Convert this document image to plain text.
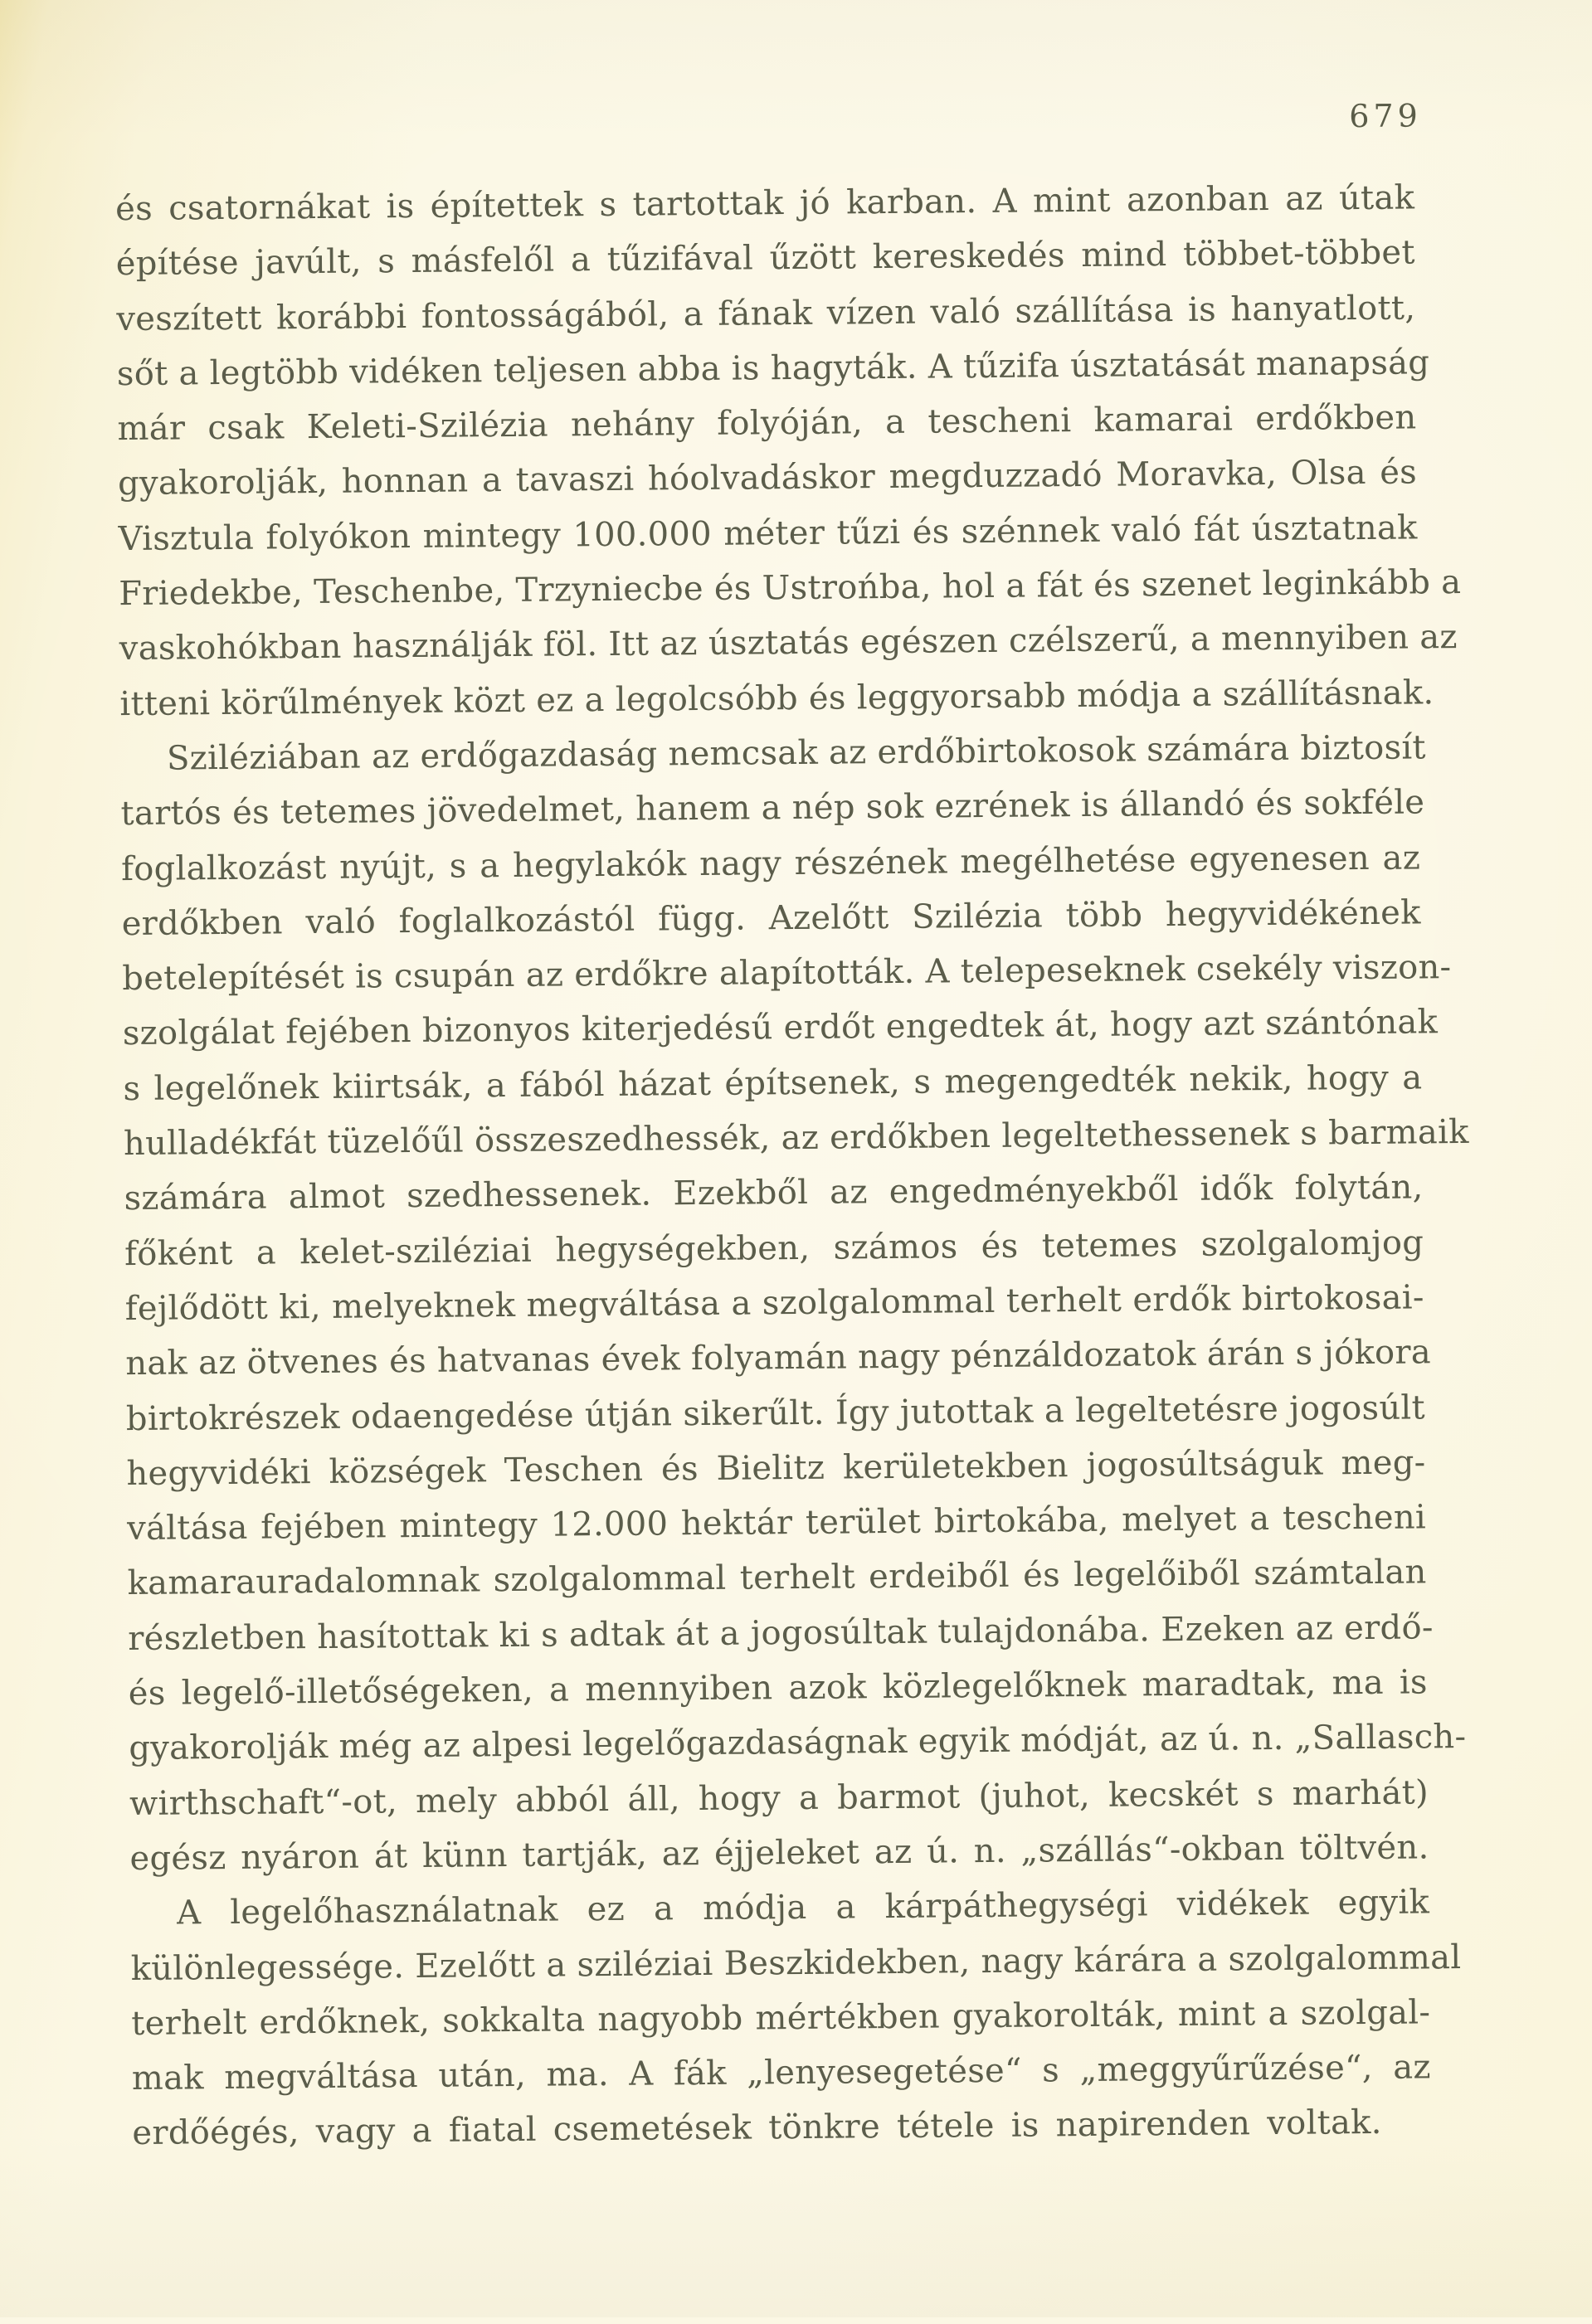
679
és csatornákat is építettek s tartottak jó karban. A mint azonban az útak
építése javúlt, s másfelől a tűzifával űzött kereskedés mind többet-többet
veszített korábbi fontosságából, a fának vízen való szállítása is hanyatlott,
sőt a legtöbb vidéken teljesen abba is hagyták. A tűzifa úsztatását manapság
már csak Keleti-Szilézia nehány folyóján, a tescheni kamarai erdőkben
gyakorolják, honnan a tavaszi hóolvadáskor megduzzadó Moravka, Olsa és
Visztula folyókon mintegy 100.000 méter tűzi és szénnek való fát úsztatnak
Friedekbe, Teschenbe, Trzyniecbe és Ustrońba, hol a fát és szenet leginkább a
vaskohókban használják föl. Itt az úsztatás egészen czélszerű, a mennyiben az
itteni körűlmények közt ez a legolcsóbb és leggyorsabb módja a szállításnak.
Sziléziában az erdőgazdaság nemcsak az erdőbirtokosok számára biztosít
tartós és tetemes jövedelmet, hanem a nép sok ezrének is állandó és sokféle
foglalkozást nyújt, s a hegylakók nagy részének megélhetése egyenesen az
erdőkben való foglalkozástól függ. Azelőtt Szilézia több hegyvidékének
betelepítését is csupán az erdőkre alapították. A telepeseknek csekély viszon-
szolgálat fejében bizonyos kiterjedésű erdőt engedtek át, hogy azt szántónak
s legelőnek kiirtsák, a fából házat építsenek, s megengedték nekik, hogy a
hulladékfát tüzelőűl összeszedhessék, az erdőkben legeltethessenek s barmaik
számára almot szedhessenek. Ezekből az engedményekből idők folytán,
főként a kelet-sziléziai hegységekben, számos és tetemes szolgalomjog
fejlődött ki, melyeknek megváltása a szolgalommal terhelt erdők birtokosai-
nak az ötvenes és hatvanas évek folyamán nagy pénzáldozatok árán s jókora
birtokrészek odaengedése útján sikerűlt. Így jutottak a legeltetésre jogosúlt
hegyvidéki községek Teschen és Bielitz kerületekben jogosúltságuk meg-
váltása fejében mintegy 12.000 hektár terület birtokába, melyet a tescheni
kamarauradalomnak szolgalommal terhelt erdeiből és legelőiből számtalan
részletben hasítottak ki s adtak át a jogosúltak tulajdonába. Ezeken az erdő-
és legelő-illetőségeken, a mennyiben azok közlegelőknek maradtak, ma is
gyakorolják még az alpesi legelőgazdaságnak egyik módját, az ú. n. „Sallasch-
wirthschaft“-ot, mely abból áll, hogy a barmot (juhot, kecskét s marhát)
egész nyáron át künn tartják, az éjjeleket az ú. n. „szállás“-okban töltvén.
A legelőhasználatnak ez a módja a kárpáthegységi vidékek egyik
különlegessége. Ezelőtt a sziléziai Beszkidekben, nagy kárára a szolgalommal
terhelt erdőknek, sokkalta nagyobb mértékben gyakorolták, mint a szolgal-
mak megváltása után, ma. A fák „lenyesegetése“ s „meggyűrűzése“, az
erdőégés, vagy a fiatal csemetések tönkre tétele is napirenden voltak.
